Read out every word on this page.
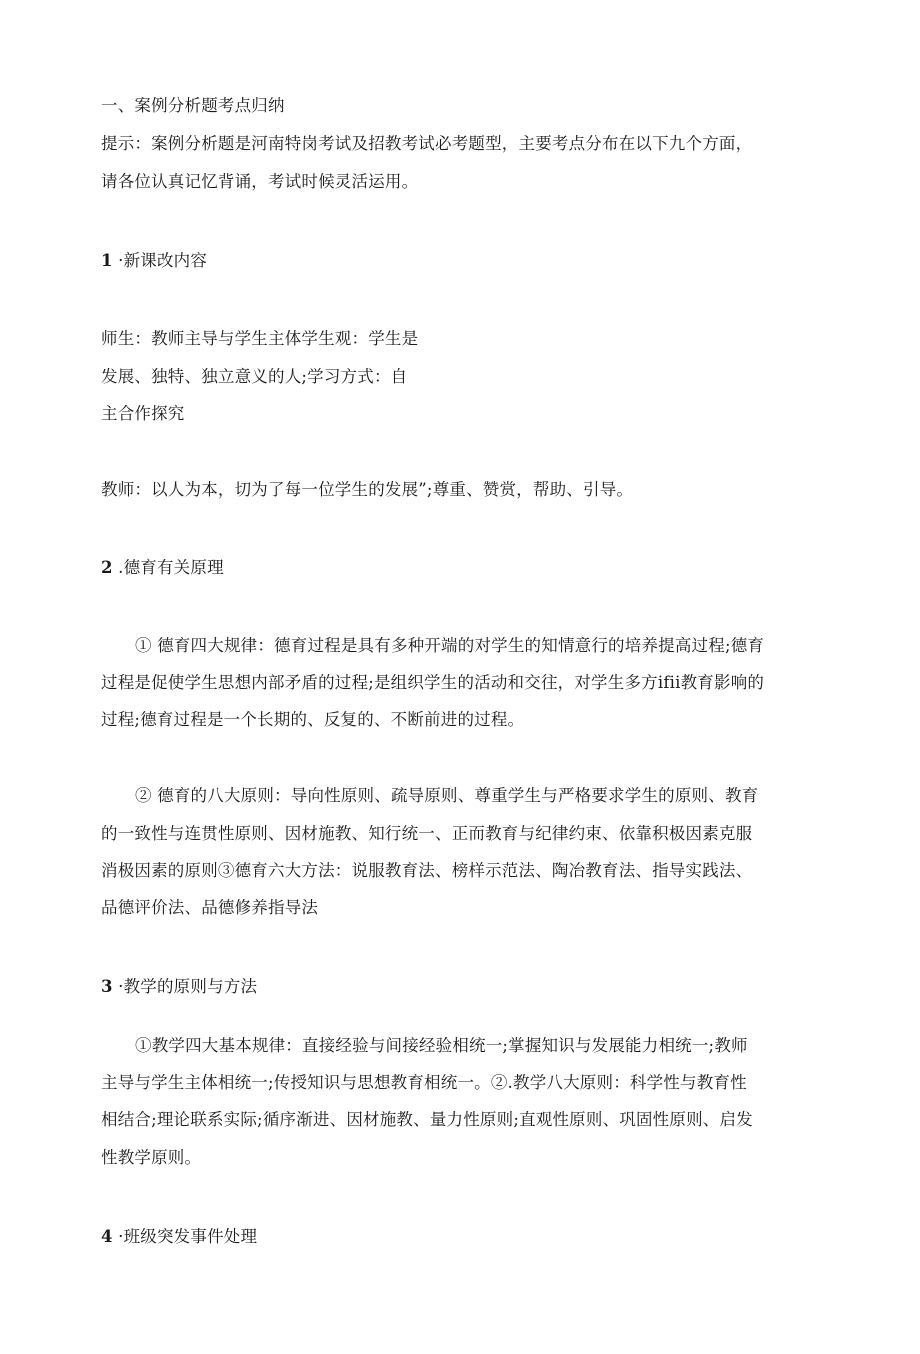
一、案例分析题考点归纳
提示：案例分析题是河南特岗考试及招教考试必考题型，主要考点分布在以下九个方面，
请各位认真记忆背诵，考试时候灵活运用。
1 ·新课改内容
师生：教师主导与学生主体学生观：学生是
发展、独特、独立意义的人;学习方式：自
主合作探究
教师：以人为本，切为了每一位学生的发展”;尊重、赞赏，帮助、引导。
2 .德育有关原理
① 德育四大规律：德育过程是具有多种开端的对学生的知情意行的培养提高过程;德育
过程是促使学生思想内部矛盾的过程;是组织学生的活动和交往，对学生多方ifii教育影响的
过程;德育过程是一个长期的、反复的、不断前进的过程。
② 德育的八大原则：导向性原则、疏导原则、尊重学生与严格要求学生的原则、教育
的一致性与连贯性原则、因材施教、知行统一、正而教育与纪律约束、依靠积极因素克服
消极因素的原则③德育六大方法：说服教育法、榜样示范法、陶冶教育法、指导实践法、
品德评价法、品德修养指导法
3 ·教学的原则与方法
①教学四大基本规律：直接经验与间接经验相统一;掌握知识与发展能力相统一;教师
主导与学生主体相统一;传授知识与思想教育相统一。②.教学八大原则：科学性与教育性
相结合;理论联系实际;循序渐进、因材施教、量力性原则;直观性原则、巩固性原则、启发
性教学原则。
4 ·班级突发事件处理
